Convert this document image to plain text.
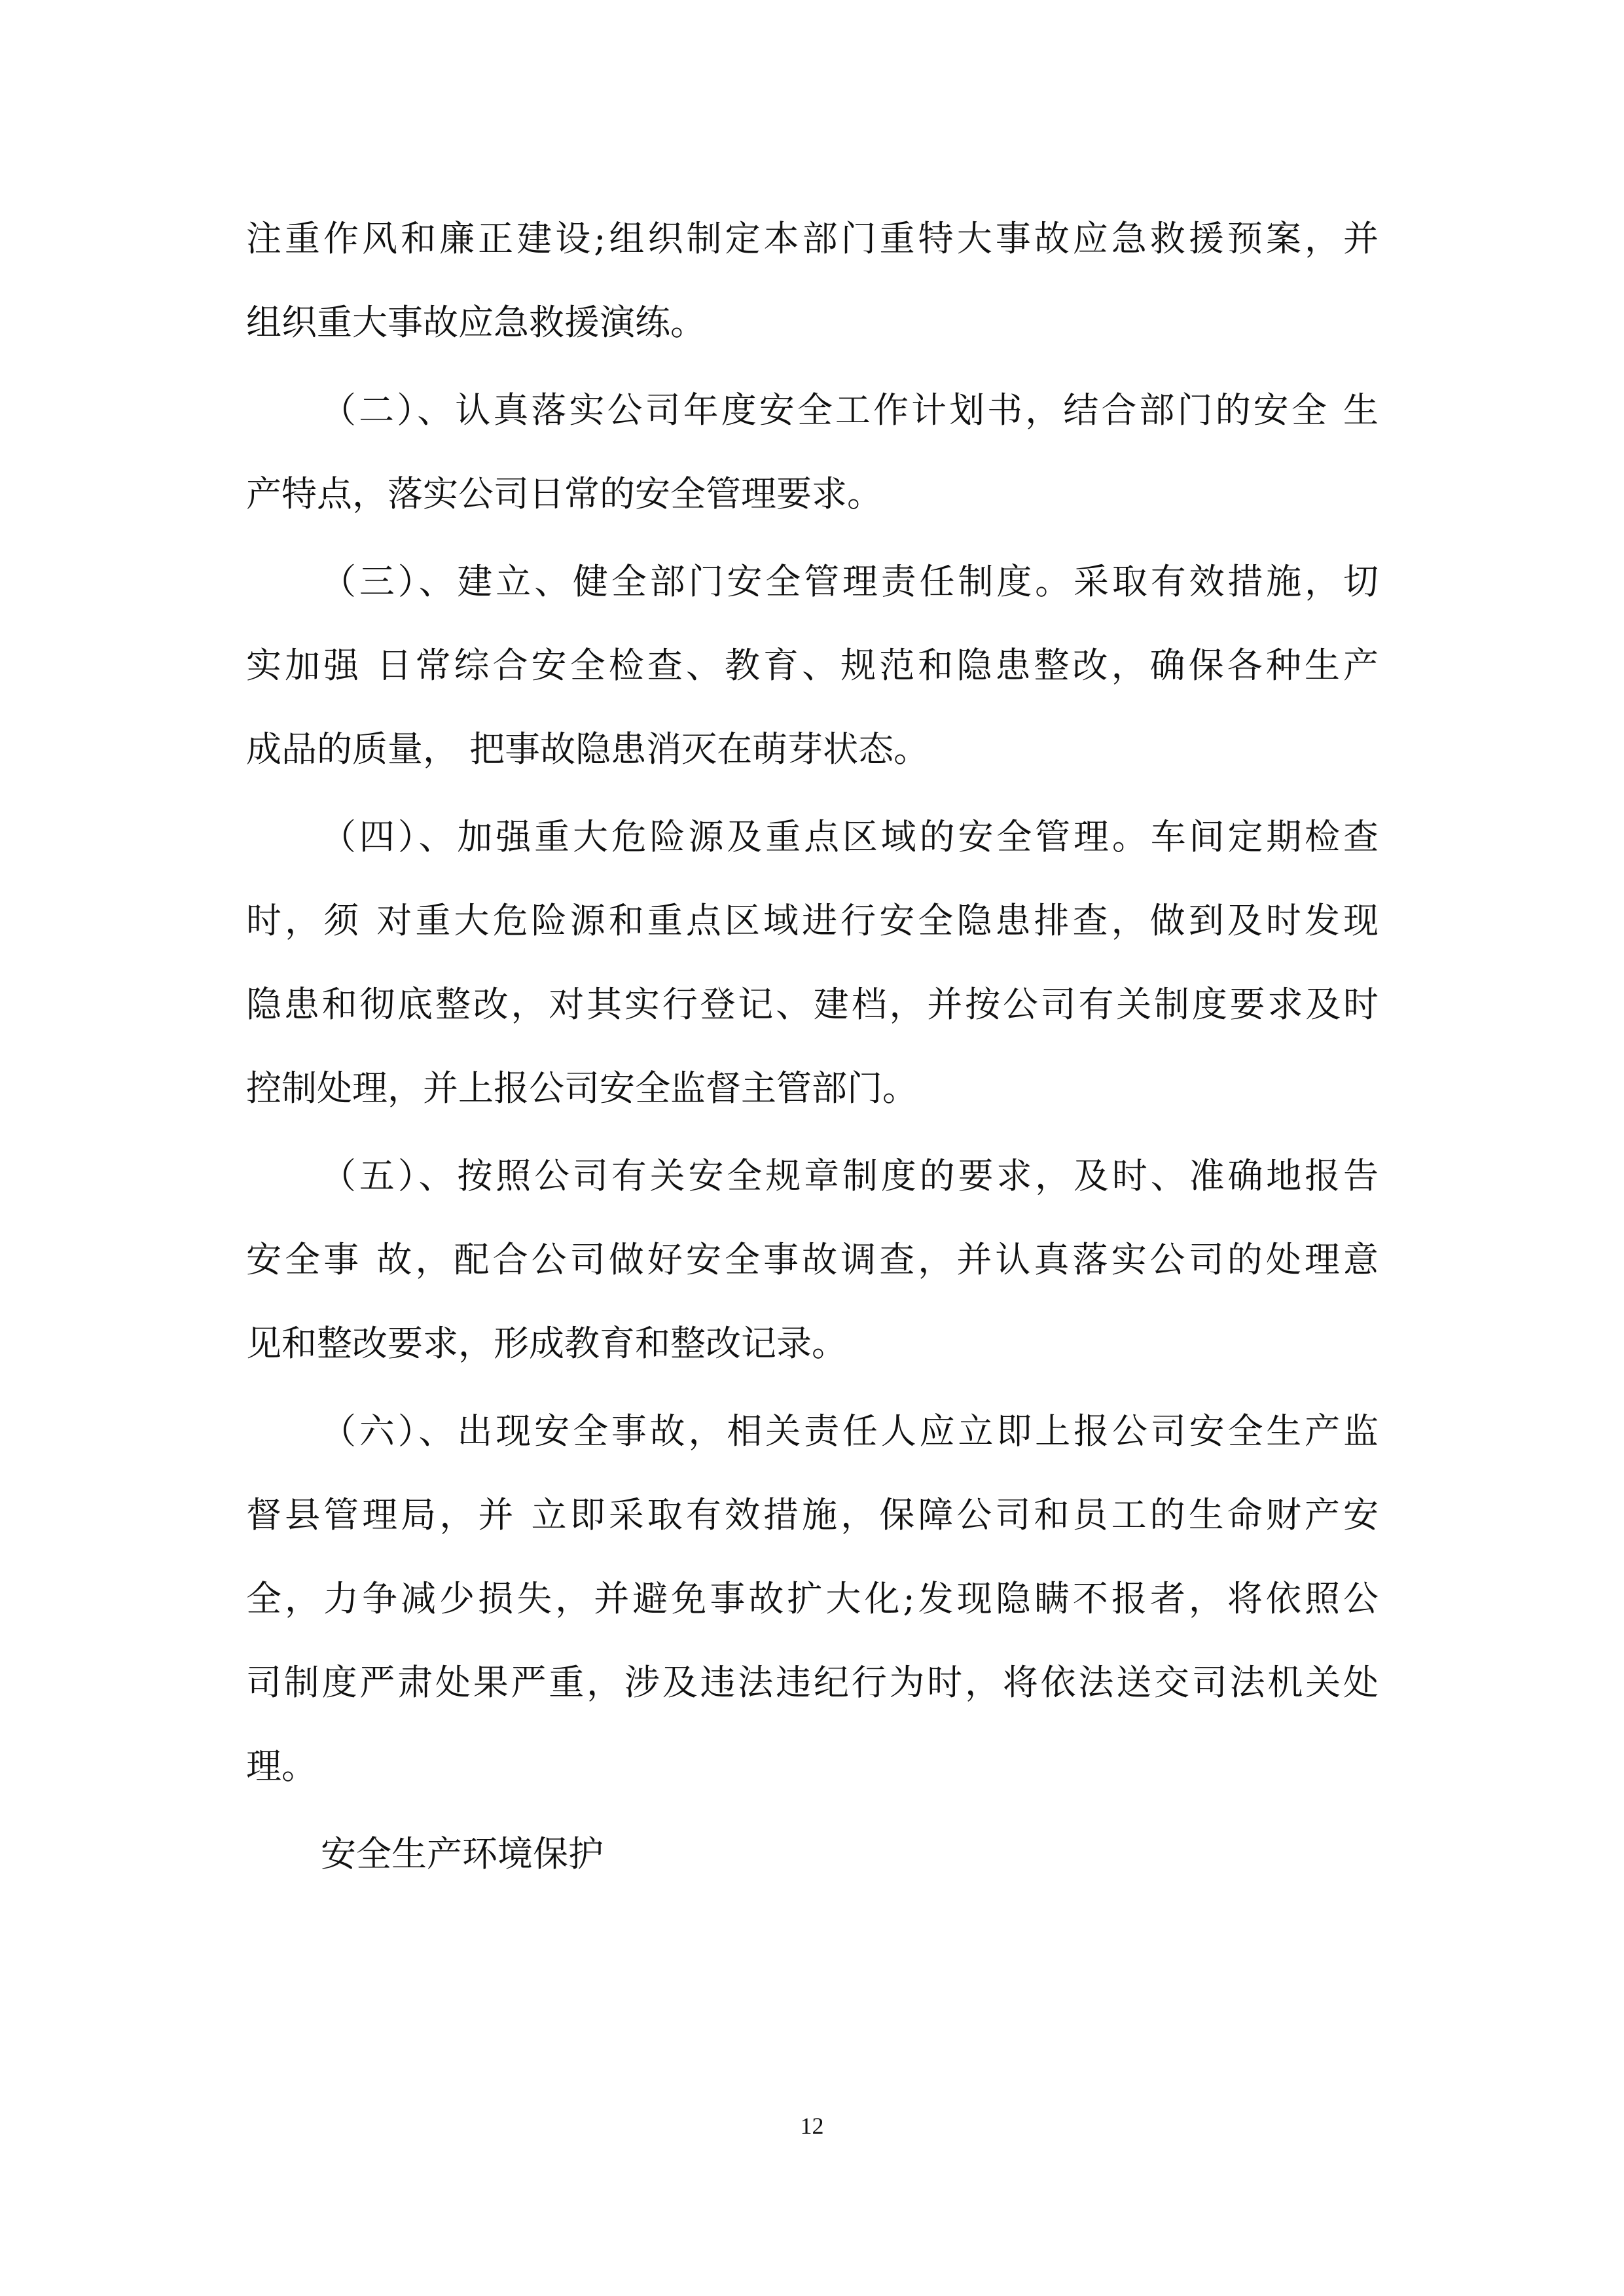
注重作风和廉正建设;组织制定本部门重特大事故应急救援预案，并
组织重大事故应急救援演练。
（二）、认真落实公司年度安全工作计划书，结合部门的安全 生
产特点，落实公司日常的安全管理要求。
（三）、建立、健全部门安全管理责任制度。采取有效措施，切
实加强 日常综合安全检查、教育、规范和隐患整改，确保各种生产
成品的质量， 把事故隐患消灭在萌芽状态。
（四）、加强重大危险源及重点区域的安全管理。车间定期检查
时，须 对重大危险源和重点区域进行安全隐患排查，做到及时发现
隐患和彻底整改，对其实行登记、建档，并按公司有关制度要求及时
控制处理，并上报公司安全监督主管部门。
（五）、按照公司有关安全规章制度的要求，及时、准确地报告
安全事 故，配合公司做好安全事故调查，并认真落实公司的处理意
见和整改要求，形成教育和整改记录。
（六）、出现安全事故，相关责任人应立即上报公司安全生产监
督县管理局，并 立即采取有效措施，保障公司和员工的生命财产安
全，力争减少损失，并避免事故扩大化;发现隐瞒不报者，将依照公
司制度严肃处果严重，涉及违法违纪行为时，将依法送交司法机关处
理。
安全生产环境保护
12
